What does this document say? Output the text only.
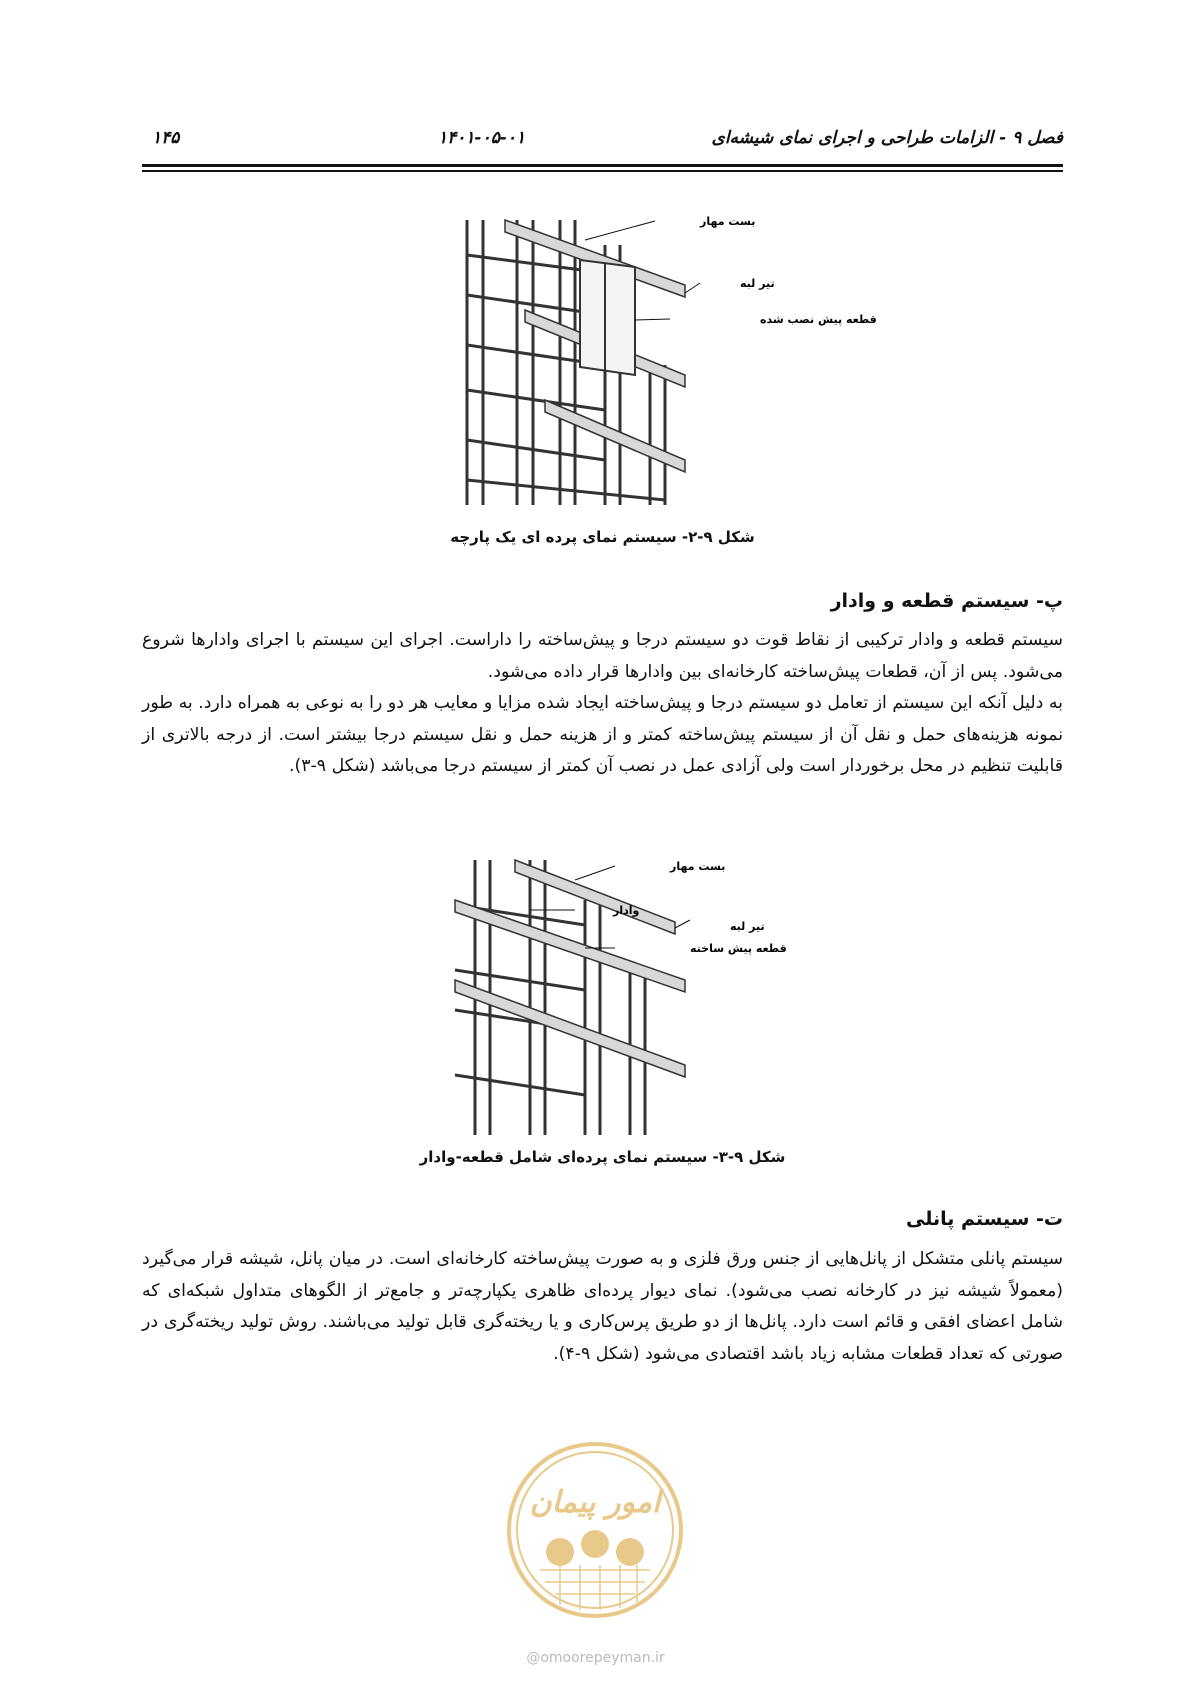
۱۴۵	۱۴۰۱-۰۵-۰۱	فصل ۹ - الزامات طراحی و اجرای نمای شیشه‌ای
بست مهار
تیر لبه
قطعه پیش نصب شده
شکل ۹-۲- سیستم نمای پرده ای یک پارچه
پ- سیستم قطعه و وادار

سیستم قطعه و وادار ترکیبی از نقاط قوت دو سیستم درجا و پیش‌ساخته را داراست. اجرای این سیستم با اجرای وادارها شروع می‌شود. پس از آن، قطعات پیش‌ساخته کارخانه‌ای بین وادارها قرار داده می‌شود.

به دلیل آنکه این سیستم از تعامل دو سیستم درجا و پیش‌ساخته ایجاد شده مزایا و معایب هر دو را به نوعی به همراه دارد. به طور نمونه هزینه‌های حمل و نقل آن از سیستم پیش‌ساخته کمتر و از هزینه حمل و نقل سیستم درجا بیشتر است. از درجه بالاتری از قابلیت تنظیم در محل برخوردار است ولی آزادی عمل در نصب آن کمتر از سیستم درجا می‌باشد (شکل ۹-۳).

بست مهار
وادار
تیر لبه
قطعه پیش ساخته
شکل ۹-۳- سیستم نمای پرده‌ای شامل قطعه-وادار
ت- سیستم پانلی

سیستم پانلی متشکل از پانل‌هایی از جنس ورق فلزی و به صورت پیش‌ساخته کارخانه‌ای است. در میان پانل، شیشه قرار می‌گیرد (معمولاً شیشه نیز در کارخانه نصب می‌شود). نمای دیوار پرده‌ای ظاهری یکپارچه‌تر و جامع‌تر از الگوهای متداول شبکه‌ای که شامل اعضای افقی و قائم است دارد. پانل‌ها از دو طریق پرس‌کاری و یا ریخته‌گری قابل تولید می‌باشند. روش تولید ریخته‌گری در صورتی که تعداد قطعات مشابه زیاد باشد اقتصادی می‌شود (شکل ۹-۴).

امور پیمان
@omoorepeyman.ir
